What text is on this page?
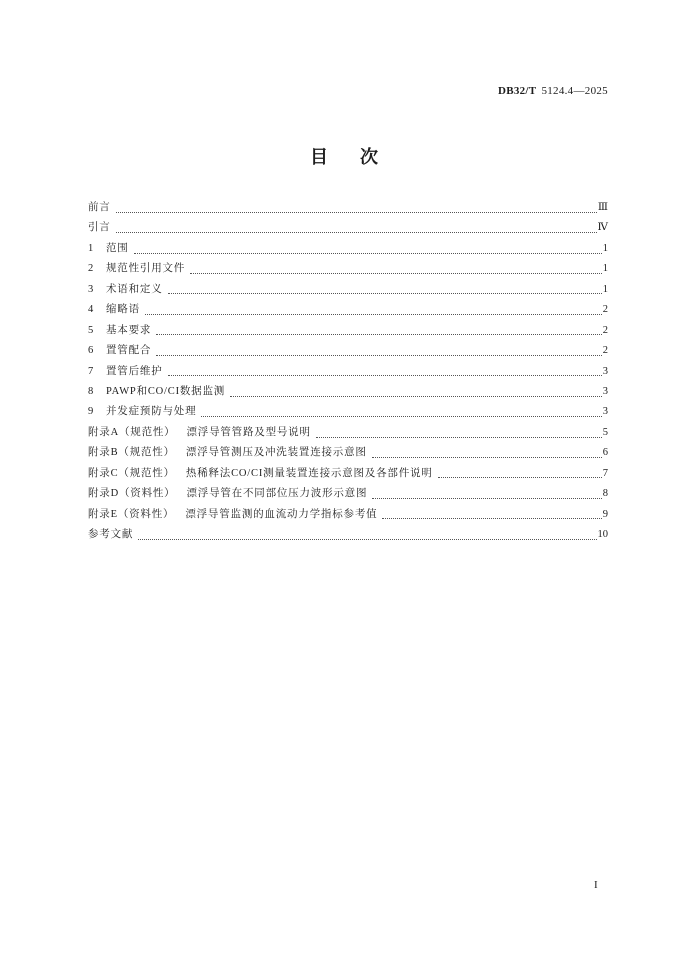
DB32/T 5124.4—2025
目　次
前言	Ⅲ
引言	Ⅳ
1 范围	1
2 规范性引用文件	1
3 术语和定义	1
4 缩略语	2
5 基本要求	2
6 置管配合	2
7 置管后维护	3
8 PAWP和CO/CI数据监测	3
9 并发症预防与处理	3
附录A（规范性） 漂浮导管管路及型号说明	5
附录B（规范性） 漂浮导管测压及冲洗装置连接示意图	6
附录C（规范性） 热稀释法CO/CI测量装置连接示意图及各部件说明	7
附录D（资料性） 漂浮导管在不同部位压力波形示意图	8
附录E（资料性） 漂浮导管监测的血流动力学指标参考值	9
参考文献	10
I
